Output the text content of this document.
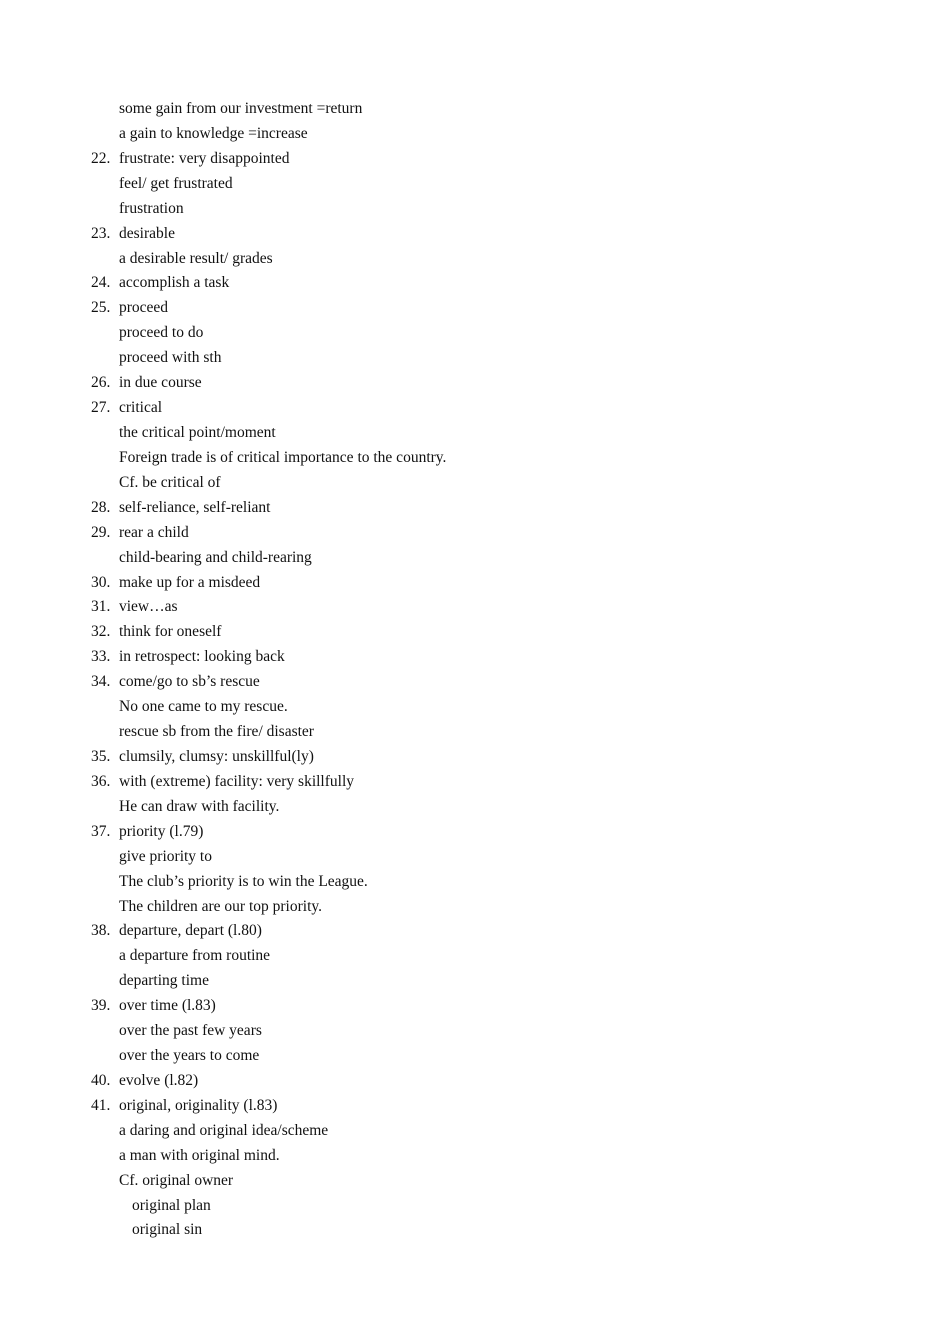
some gain from our investment =return
a gain to knowledge =increase
22. frustrate: very disappointed
feel/ get frustrated
frustration
23. desirable
a desirable result/ grades
24. accomplish a task
25. proceed
proceed to do
proceed with sth
26. in due course
27. critical
the critical point/moment
Foreign trade is of critical importance to the country.
Cf. be critical of
28. self-reliance, self-reliant
29. rear a child
child-bearing and child-rearing
30. make up for a misdeed
31. view…as
32. think for oneself
33. in retrospect: looking back
34. come/go to sb’s rescue
No one came to my rescue.
rescue sb from the fire/ disaster
35. clumsily, clumsy: unskillful(ly)
36. with (extreme) facility: very skillfully
He can draw with facility.
37. priority (l.79)
give priority to
The club’s priority is to win the League.
The children are our top priority.
38. departure, depart (l.80)
a departure from routine
departing time
39. over time (l.83)
over the past few years
over the years to come
40. evolve (l.82)
41. original, originality (l.83)
a daring and original idea/scheme
a man with original mind.
Cf. original owner
original plan
original sin
